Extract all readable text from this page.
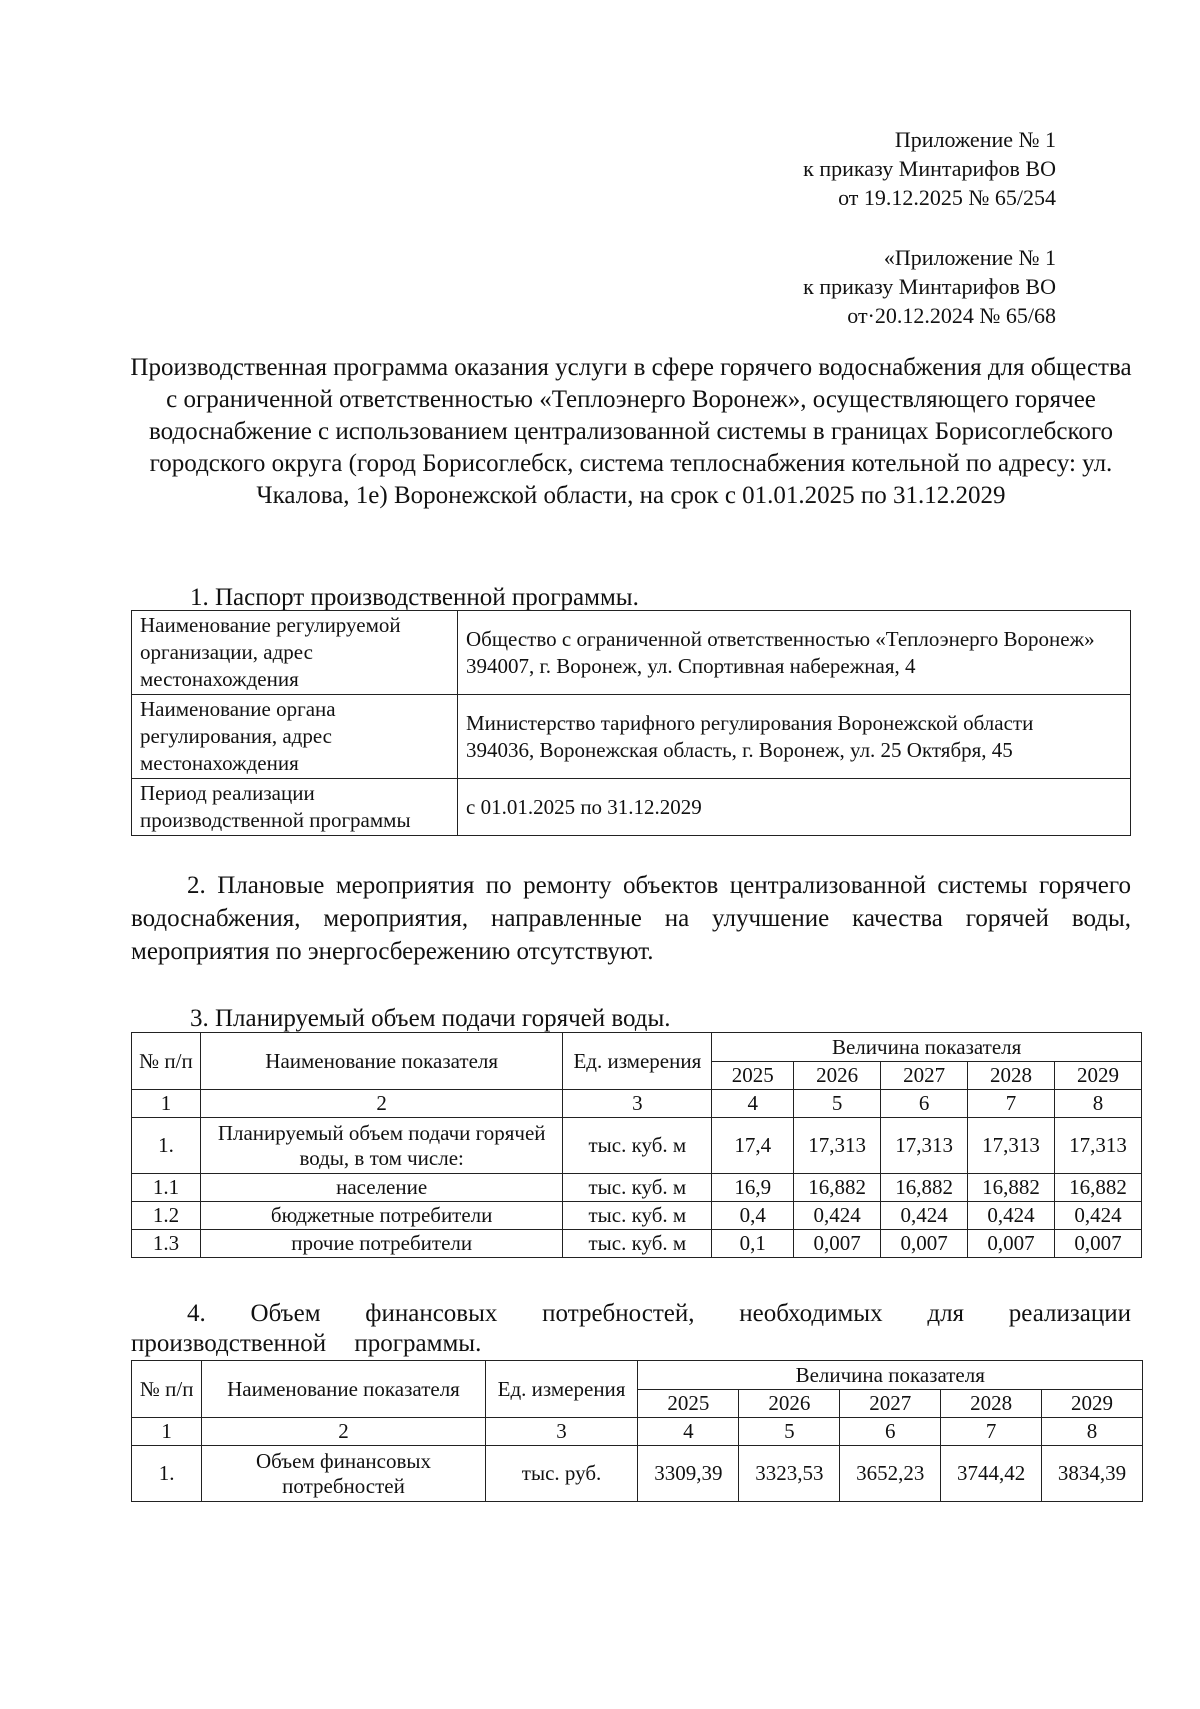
Приложение № 1
к приказу Минтарифов ВО
от 19.12.2025 № 65/254
«Приложение № 1
к приказу Минтарифов ВО
от·20.12.2024 № 65/68
Производственная программа оказания услуги в сфере горячего водоснабжения для общества с ограниченной ответственностью «Теплоэнерго Воронеж», осуществляющего горячее водоснабжение с использованием централизованной системы в границах Борисоглебского городского округа (город Борисоглебск, система теплоснабжения котельной по адресу: ул. Чкалова, 1е) Воронежской области, на срок с 01.01.2025 по 31.12.2029
1. Паспорт производственной программы.
Наименование регулируемой организации, адрес местонахождения	Общество с ограниченной ответственностью «Теплоэнерго Воронеж»
394007, г. Воронеж, ул. Спортивная набережная, 4

Наименование органа регулирования, адрес местонахождения	Министерство тарифного регулирования Воронежской области
394036, Воронежская область, г. Воронеж, ул. 25 Октября, 45

Период реализации производственной программы	с 01.01.2025 по 31.12.2029
2. Плановые мероприятия по ремонту объектов централизованной системы горячего водоснабжения, мероприятия, направленные на улучшение качества горячей воды, мероприятия по энергосбережению отсутствуют.
3. Планируемый объем подачи горячей воды.
№ п/п	Наименование показателя	Ед. измерения	Величина показателя				
			2025	2026	2027	2028	2029
1	2	3	4	5	6	7	8
1.	Планируемый объем подачи горячей воды, в том числе:	тыс. куб. м	17,4	17,313	17,313	17,313	17,313
1.1	население	тыс. куб. м	16,9	16,882	16,882	16,882	16,882
1.2	бюджетные потребители	тыс. куб. м	0,4	0,424	0,424	0,424	0,424
1.3	прочие потребители	тыс. куб. м	0,1	0,007	0,007	0,007	0,007
4. Объем финансовых потребностей, необходимых для реализации производственной программы.
№ п/п	Наименование показателя	Ед. измерения	Величина показателя				
			2025	2026	2027	2028	2029
1	2	3	4	5	6	7	8
1.	Объем финансовых потребностей	тыс. руб.	3309,39	3323,53	3652,23	3744,42	3834,39
